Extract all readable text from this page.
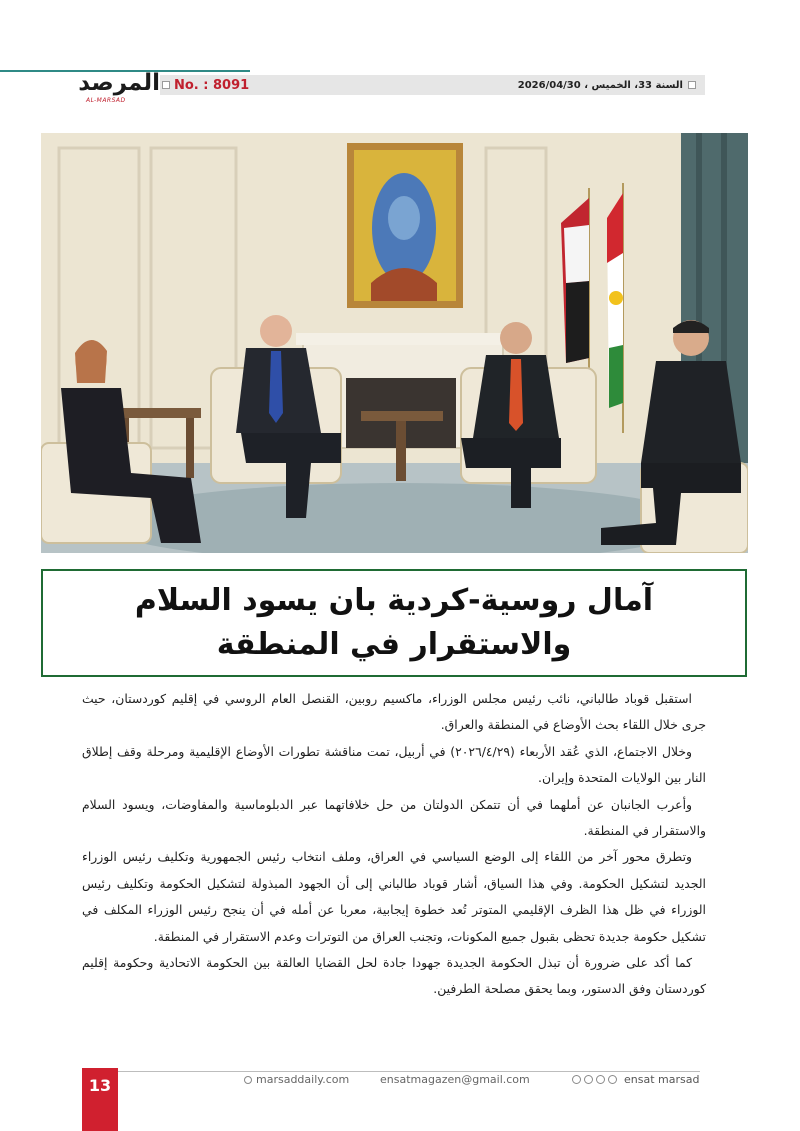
المرصد
AL-MARSAD
No. : 8091	السنة 33، الخميس ، 2026/04/30
آمال روسية-كردية بان يسود السلام والاستقرار في المنطقة

استقبل قوباد طالباني، نائب رئيس مجلس الوزراء، ماكسيم روبين، القنصل العام الروسي في إقليم كوردستان، حيث جرى خلال اللقاء بحث الأوضاع في المنطقة والعراق.

وخلال الاجتماع، الذي عُقد الأربعاء (٢٠٢٦/٤/٢٩) في أربيل، تمت مناقشة تطورات الأوضاع الإقليمية ومرحلة وقف إطلاق النار بين الولايات المتحدة وإيران.

وأعرب الجانبان عن أملهما في أن تتمكن الدولتان من حل خلافاتهما عبر الدبلوماسية والمفاوضات، ويسود السلام والاستقرار في المنطقة.

وتطرق محور آخر من اللقاء إلى الوضع السياسي في العراق، وملف انتخاب رئيس الجمهورية وتكليف رئيس الوزراء الجديد لتشكيل الحكومة. وفي هذا السياق، أشار قوباد طالباني إلى أن الجهود المبذولة لتشكيل الحكومة وتكليف رئيس الوزراء في ظل هذا الظرف الإقليمي المتوتر تُعد خطوة إيجابية، معربا عن أمله في أن ينجح رئيس الوزراء المكلف في تشكيل حكومة جديدة تحظى بقبول جميع المكونات، وتجنب العراق من التوترات وعدم الاستقرار في المنطقة.

كما أكد على ضرورة أن تبذل الحكومة الجديدة جهودا جادة لحل القضايا العالقة بين الحكومة الاتحادية وحكومة إقليم كوردستان وفق الدستور، وبما يحقق مصلحة الطرفين.

13	marsaddaily.com	ensatmagazen@gmail.com	ensat marsad
